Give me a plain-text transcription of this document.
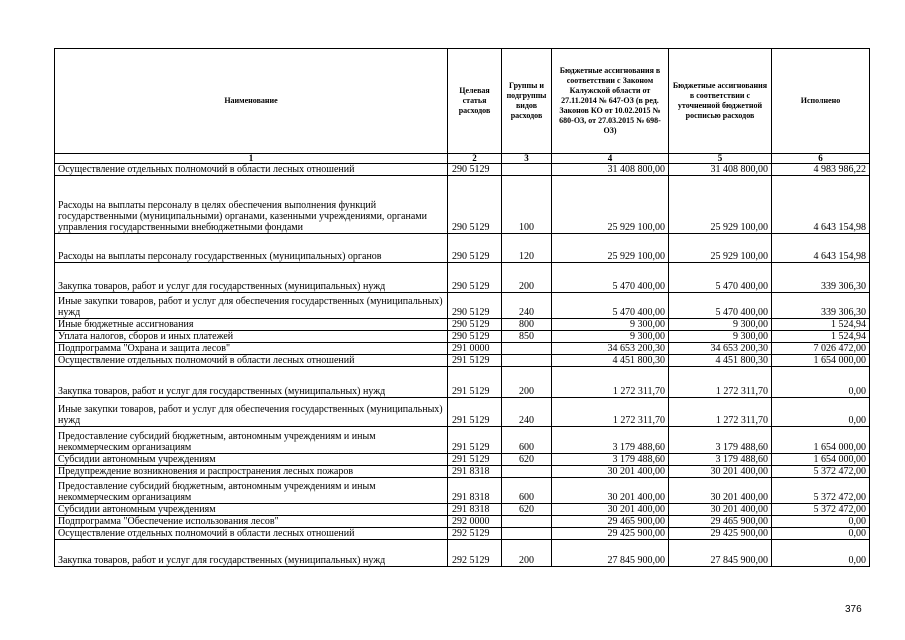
Наименование	Целевая статья расходов	Группы и подгруппы видов расходов	Бюджетные ассигнования в соответствии с Законом Калужской области от 27.11.2014 № 647-ОЗ (в ред. Законов КО от 10.02.2015 № 680-ОЗ, от 27.03.2015 № 698-ОЗ)	Бюджетные ассигнования в соответствии с уточненной бюджетной росписью расходов	Исполнено
1	2	3	4	5	6
Осуществление отдельных полномочий в области лесных отношений	290 5129		31 408 800,00	31 408 800,00	4 983 986,22
Расходы на выплаты персоналу в целях обеспечения выполнения функций государственными (муниципальными) органами, казенными учреждениями, органами управления государственными внебюджетными фондами	290 5129	100	25 929 100,00	25 929 100,00	4 643 154,98
Расходы на выплаты персоналу государственных (муниципальных) органов	290 5129	120	25 929 100,00	25 929 100,00	4 643 154,98
Закупка товаров, работ и услуг для государственных (муниципальных) нужд	290 5129	200	5 470 400,00	5 470 400,00	339 306,30
Иные закупки товаров, работ и услуг для обеспечения государственных (муниципальных) нужд	290 5129	240	5 470 400,00	5 470 400,00	339 306,30
Иные бюджетные ассигнования	290 5129	800	9 300,00	9 300,00	1 524,94
Уплата налогов, сборов и иных платежей	290 5129	850	9 300,00	9 300,00	1 524,94
Подпрограмма "Охрана и защита лесов"	291 0000		34 653 200,30	34 653 200,30	7 026 472,00
Осуществление отдельных полномочий в области лесных отношений	291 5129		4 451 800,30	4 451 800,30	1 654 000,00
Закупка товаров, работ и услуг для государственных (муниципальных) нужд	291 5129	200	1 272 311,70	1 272 311,70	0,00
Иные закупки товаров, работ и услуг для обеспечения государственных (муниципальных) нужд	291 5129	240	1 272 311,70	1 272 311,70	0,00
Предоставление субсидий бюджетным, автономным учреждениям и иным некоммерческим организациям	291 5129	600	3 179 488,60	3 179 488,60	1 654 000,00
Субсидии автономным учреждениям	291 5129	620	3 179 488,60	3 179 488,60	1 654 000,00
Предупреждение возникновения и распространения лесных пожаров	291 8318		30 201 400,00	30 201 400,00	5 372 472,00
Предоставление субсидий бюджетным, автономным учреждениям и иным некоммерческим организациям	291 8318	600	30 201 400,00	30 201 400,00	5 372 472,00
Субсидии автономным учреждениям	291 8318	620	30 201 400,00	30 201 400,00	5 372 472,00
Подпрограмма "Обеспечение использования лесов"	292 0000		29 465 900,00	29 465 900,00	0,00
Осуществление отдельных полномочий в области лесных отношений	292 5129		29 425 900,00	29 425 900,00	0,00
Закупка товаров, работ и услуг для государственных (муниципальных) нужд	292 5129	200	27 845 900,00	27 845 900,00	0,00
376
